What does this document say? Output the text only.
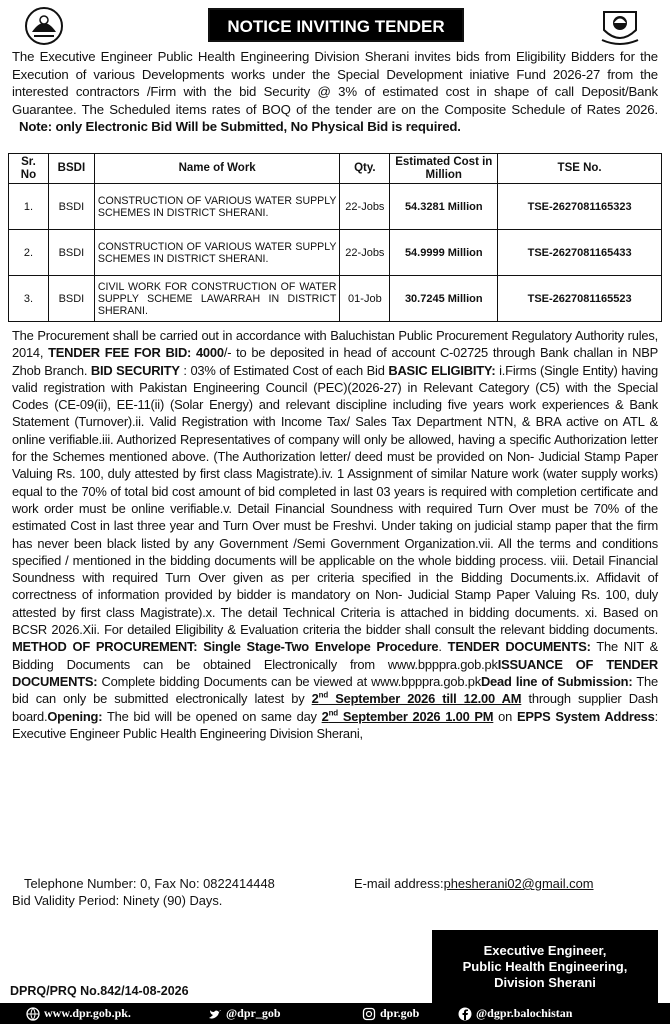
NOTICE INVITING TENDER
The Executive Engineer Public Health Engineering Division Sherani invites bids from Eligibility Bidders for the Execution of various Developments works under the Special Development iniative Fund 2026-27 from the interested contractors /Firm with the bid Security @ 3% of estimated cost in shape of call Deposit/Bank Guarantee. The Scheduled items rates of BOQ of the tender are on the Composite Schedule of Rates 2026.   Note: only Electronic Bid Will be Submitted, No Physical Bid is required.
Sr. No	BSDI	Name of Work	Qty.	Estimated Cost in Million	TSE No.
1.	BSDI	CONSTRUCTION OF VARIOUS WATER SUPPLY SCHEMES IN DISTRICT SHERANI.	22-Jobs	54.3281 Million	TSE-2627081165323
2.	BSDI	CONSTRUCTION OF VARIOUS WATER SUPPLY SCHEMES IN DISTRICT SHERANI.	22-Jobs	54.9999 Million	TSE-2627081165433
3.	BSDI	CIVIL WORK FOR CONSTRUCTION OF WATER SUPPLY SCHEME LAWARRAH IN DISTRICT SHERANI.	01-Job	30.7245 Million	TSE-2627081165523
The Procurement shall be carried out in accordance with Baluchistan Public Procurement Regulatory Authority rules, 2014, TENDER FEE FOR BID: 4000/- to be deposited in head of account C-02725 through Bank challan in NBP Zhob Branch. BID SECURITY : 03% of Estimated Cost of each Bid BASIC ELIGIBITY: i.Firms (Single Entity) having valid registration with Pakistan Engineering Council (PEC)(2026-27) in Relevant Category (C5) with the Special Codes (CE-09(ii), EE-11(ii) (Solar Energy) and relevant discipline including five years work experiences & Bank Statement (Turnover).ii. Valid Registration with Income Tax/ Sales Tax Department NTN, & BRA active on ATL & online verifiable.iii. Authorized Representatives of company will only be allowed, having a specific Authorization letter for the Schemes mentioned above. (The Authorization letter/ deed must be provided on Non- Judicial Stamp Paper Valuing Rs. 100, duly attested by first class Magistrate).iv. 1 Assignment of similar Nature work (water supply works) equal to the 70% of total bid cost amount of bid completed in last 03 years is required with completion certificate and work order must be online verifiable.v. Detail Financial Soundness with required Turn Over must be 70% of the estimated Cost in last three year and Turn Over must be Freshvi. Under taking on judicial stamp paper that the firm has never been black listed by any Government /Semi Government Organization.vii. All the terms and conditions specified / mentioned in the bidding documents will be applicable on the whole bidding process. viii. Detail Financial Soundness with required Turn Over given as per criteria specified in the Bidding Documents.ix. Affidavit of correctness of information provided by bidder is mandatory on Non- Judicial Stamp Paper Valuing Rs. 100, duly attested by first class Magistrate).x. The detail Technical Criteria is attached in bidding documents. xi. Based on BCSR 2026.Xii. For detailed Eligibility & Evaluation criteria the bidder shall consult the relevant bidding documents. METHOD OF PROCUREMENT: Single Stage-Two Envelope Procedure. TENDER DOCUMENTS: The NIT & Bidding Documents can be obtained Electronically from www.bpppra.gob.pkISSUANCE OF TENDER DOCUMENTS: Complete bidding Documents can be viewed at www.bpppra.gob.pkDead line of Submission: The bid can only be submitted electronically latest by 2nd September 2026 till 12.00 AM through supplier Dash board.Opening: The bid will be opened on same day 2nd September 2026 1.00 PM on EPPS System Address: Executive Engineer Public Health Engineering Division Sherani,
Telephone Number: 0, Fax No: 0822414448	E-mail address: phesherani02@gmail.com
Bid Validity Period: Ninety (90) Days.
Executive Engineer,
Public Health Engineering,
Division Sherani
DPRQ/PRQ No.842/14-08-2026
www.dpr.gob.pk.	@dpr_gob	dpr.gob	@dgpr.balochistan
